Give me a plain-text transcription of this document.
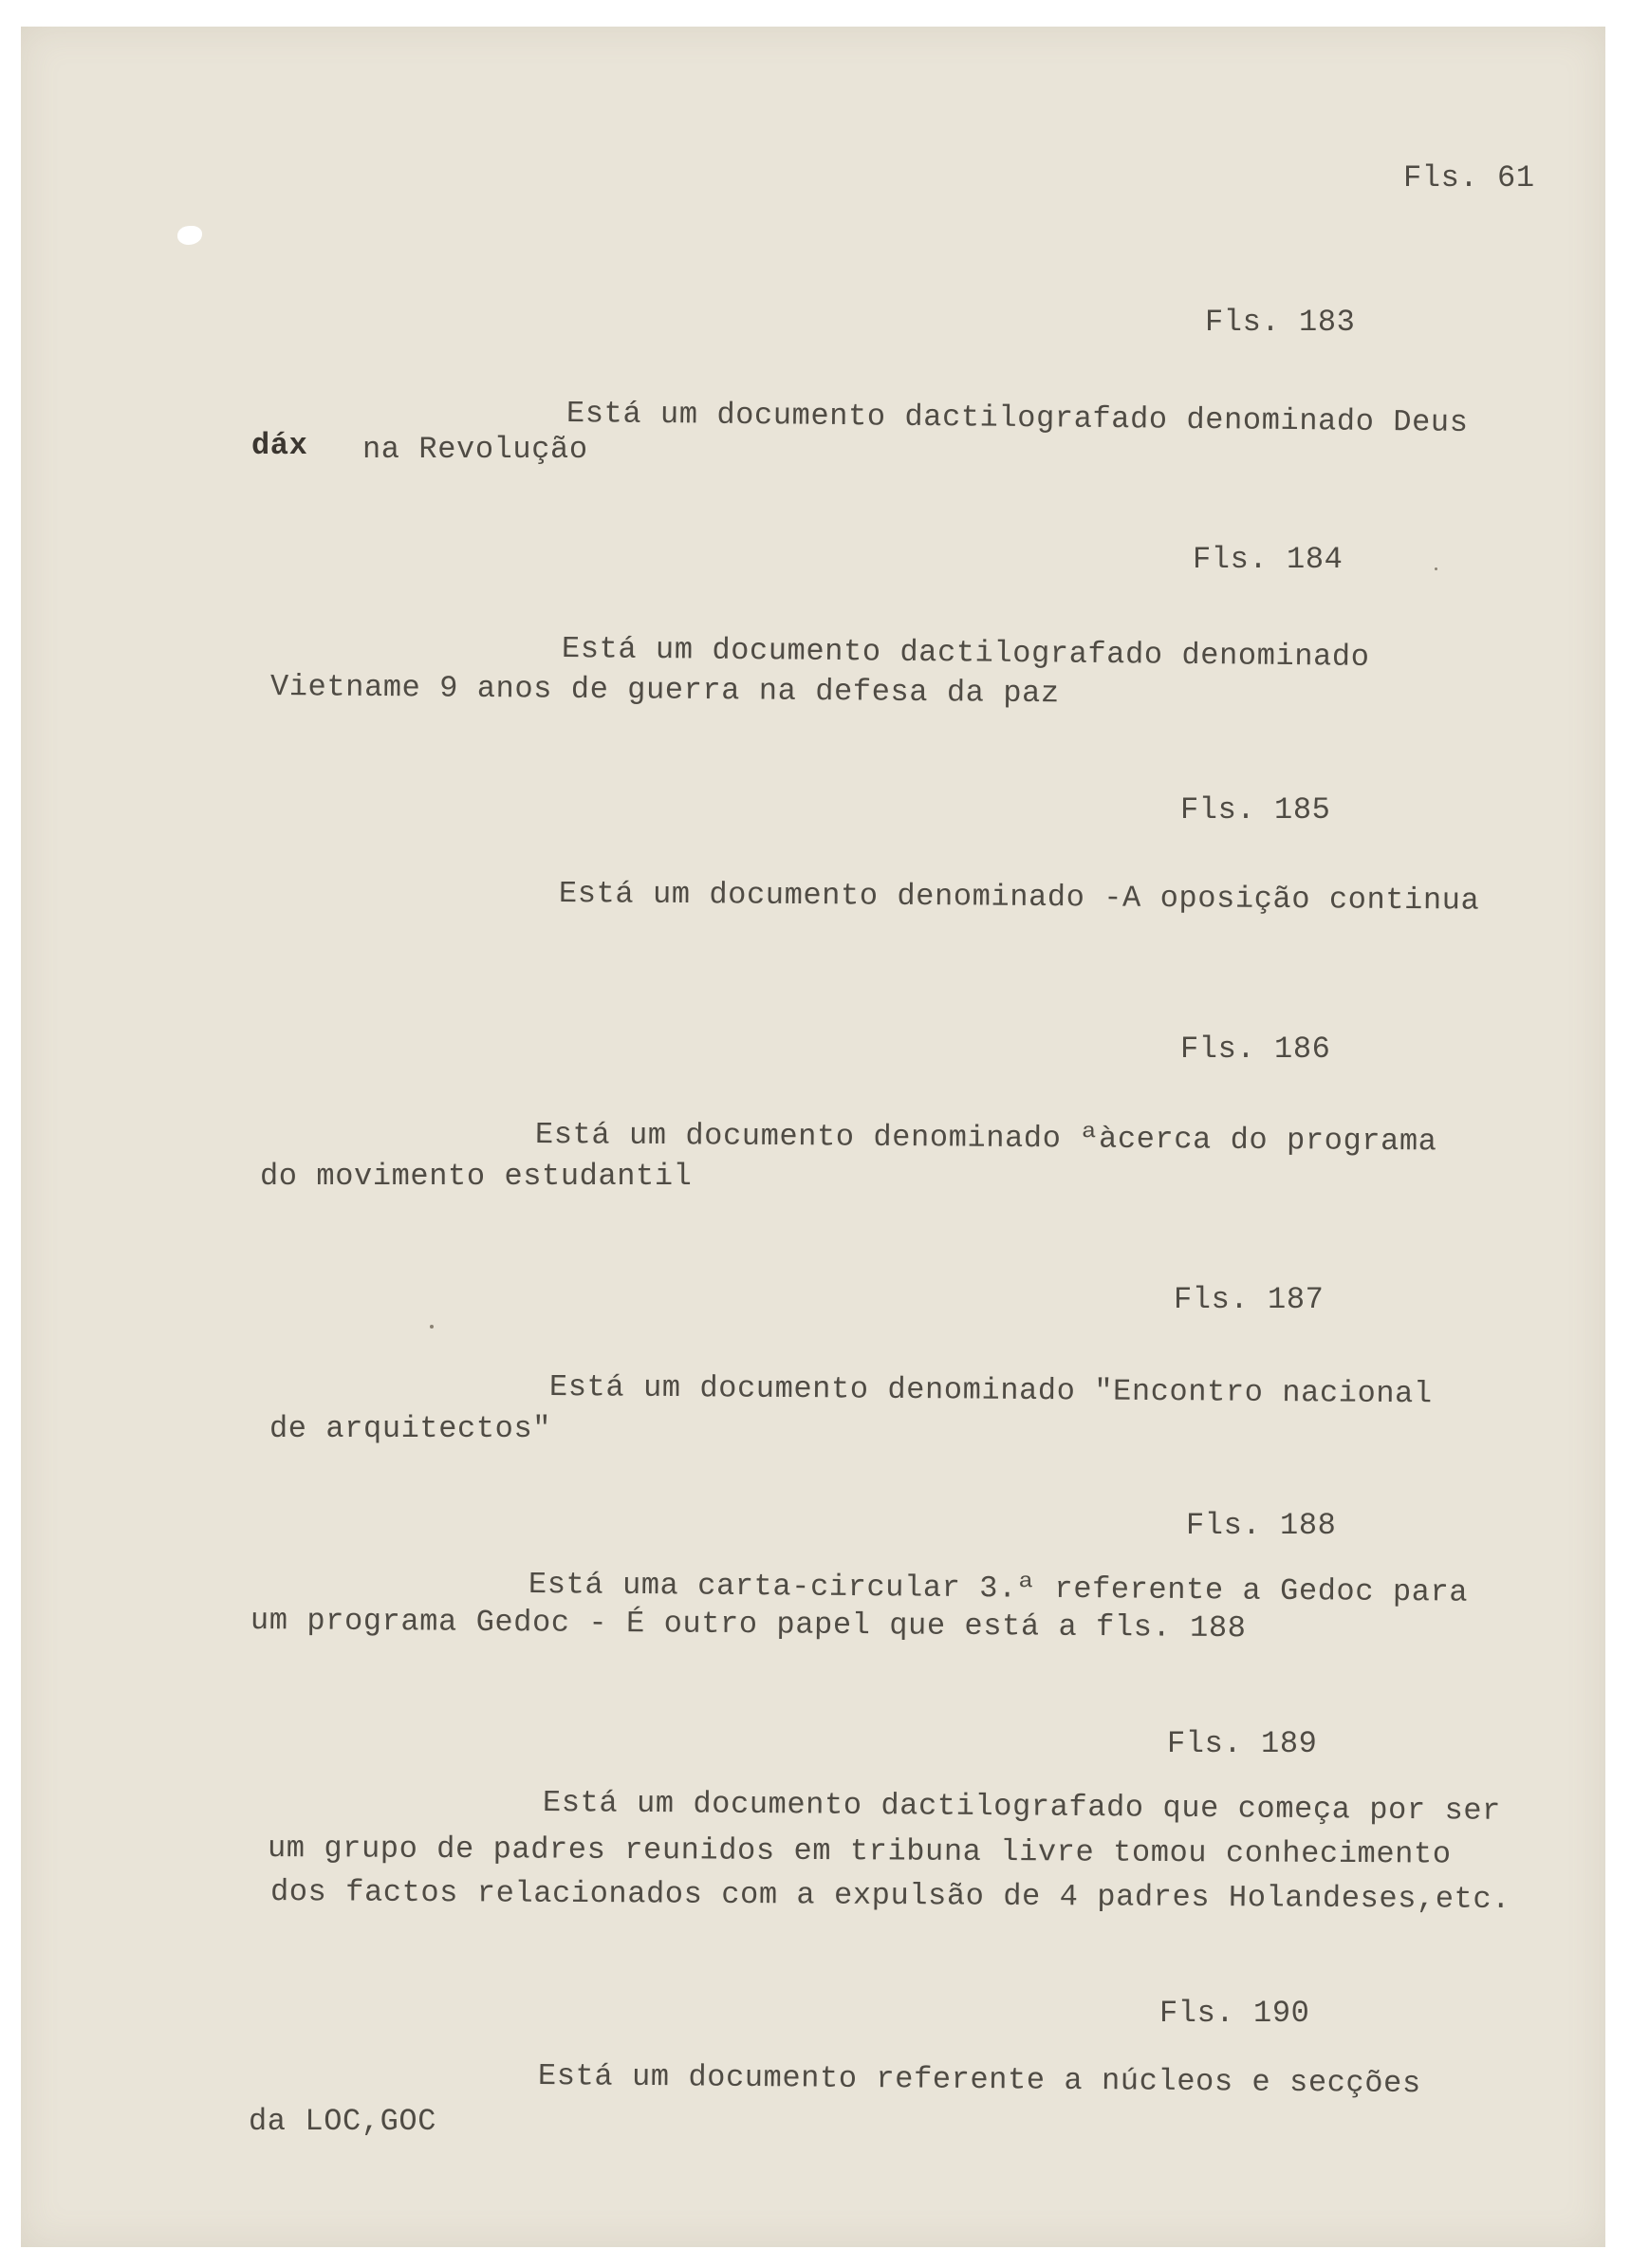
Fls. 61
Fls. 183
Está um documento dactilografado denominado Deus
dáx na Revolução
Fls. 184
Está um documento dactilografado denominado
Vietname 9 anos de guerra na defesa da paz
Fls. 185
Está um documento denominado -A oposição continua
Fls. 186
Está um documento denominado ªàcerca do programa
do movimento estudantil
Fls. 187
Está um documento denominado "Encontro nacional
de arquitectos"
Fls. 188
Está uma carta-circular 3.ª referente a Gedoc para
um programa Gedoc - É outro papel que está a fls. 188
Fls. 189
Está um documento dactilografado que começa por ser
um grupo de padres reunidos em tribuna livre tomou conhecimento
dos factos relacionados com a expulsão de 4 padres Holandeses,etc.
Fls. 190
Está um documento referente a núcleos e secções
da LOC,GOC
